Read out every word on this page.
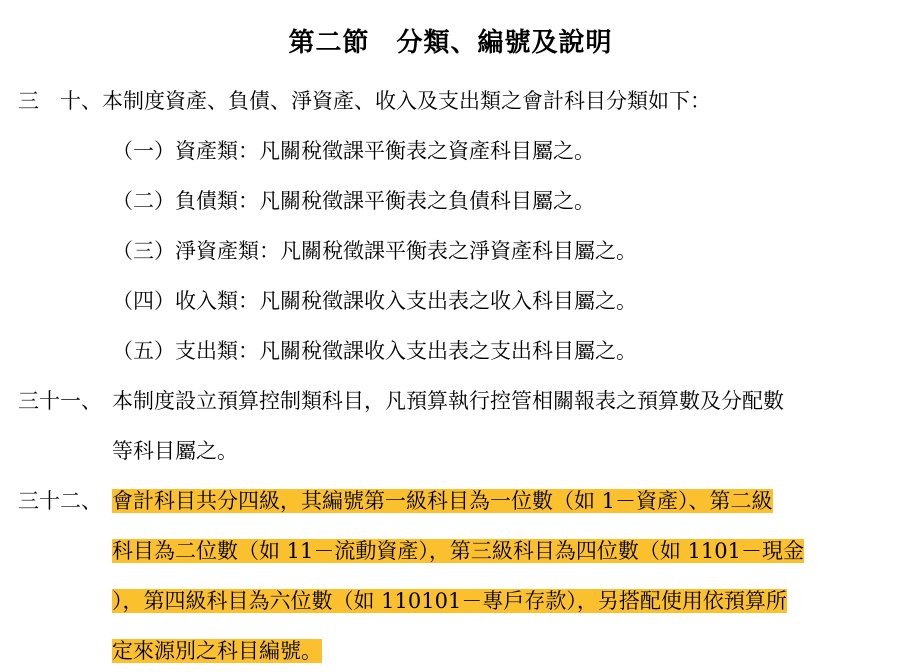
第二節　分類、編號及說明
三　十、本制度資產、負債、淨資產、收入及支出類之會計科目分類如下：
（一）資產類：凡關稅徵課平衡表之資產科目屬之。
（二）負債類：凡關稅徵課平衡表之負債科目屬之。
（三）淨資產類：凡關稅徵課平衡表之淨資產科目屬之。
（四）收入類：凡關稅徵課收入支出表之收入科目屬之。
（五）支出類：凡關稅徵課收入支出表之支出科目屬之。
三十一、 本制度設立預算控制類科目，凡預算執行控管相關報表之預算數及分配數
等科目屬之。
三十二、 會計科目共分四級，其編號第一級科目為一位數（如 1－資產）、第二級
科目為二位數（如 11－流動資產），第三級科目為四位數（如 1101－現金
），第四級科目為六位數（如 110101－專戶存款），另搭配使用依預算所
定來源別之科目編號。
